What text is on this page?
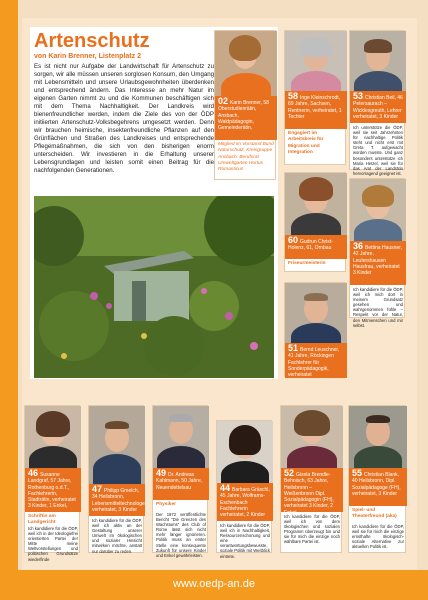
Artenschutz
von Karin Brenner, Listenplatz 2
Es ist nicht nur Aufgabe der Landwirtschaft für Artenschutz zu sorgen, wir alle müssen unseren sorglosen Konsum, den Umgang mit Lebensmitteln und unsere Urlaubsgewohnheiten überdenken und entsprechend ändern. Das Interesse an mehr Natur im eigenen Garten nimmt zu und die Kommunen beschäftigen sich mit dem Thema Nachhaltigkeit. Der Landkreis wird bienenfreundlicher werden, indem die Ziele des von der ÖDP initiierten Artenschutz-Volksbegehrens umgesetzt werden. Denn wir brauchen heimische, insektenfreundliche Pflanzen auf den Grünflächen und Straßen des Landkreises und entsprechende Pflegemaßnahmen, die sich von den bisherigen enorm unterscheiden. Wir investieren in die Erhaltung unserer Lebensgrundlagen und leisten somit einen Beitrag für die nachfolgenden Generationen.
02 Karin Brenner, 58 Oberstudienrätin, Ansbach, Waldpädagogin, Gemeinderätin,
Mitglied im Vorstand Bund Naturschutz, Kreisgruppe Ansbach, Berufsrat Umweltgarten Hortus Romanticus
58 Inge Kleinschrodt, 69 Jahre, Sachsen, Rentnerin, verheiratet, 1 Tochter
Engagiert im Arbeitskreis für Migration und Integration
53 Christian Beil, 46 Petersaurach – Wicklesgreuth, Lehrer verheiratet, 3 Kinder
Ich unterstütze die ÖDP, weil sie seit Jahrzehnten für nachhaltige Politik steht und nicht erst mit Greta T. aufgewacht worden musste. Und ganz besonders unterstütze ich Maria Hetzel, weil sie für das Amt der Landrätin hervorragend geeignet ist.
60 Gudrun Christ-Holenz, 61, Ornbau
Friseurmeisterin
36 Bettina Hausner, 42 Jahre, Leutershausen Hausfrau, verheiratet 3 Kinder
Ich kandidiere für die ÖDP, weil ich mich dort in meinem Grundsatz gesehen und wahrgenommen fühle – Respekt vor der Natur, den Mitmenschen und mir selbst.
51 Bernd Leuschner, 41 Jahre, Röckingen Fachlehrer für Sonderpädagogik, verheiratet
46 Susanne Landgraf, 57 Jahre, Rothenburg o.d.T., Fachlehrerin, Stadträtin, verheiratet 3 Kinder, 1 Enkel,
Schriftin am Landgericht
Ich kandidiere für die ÖDP, weil ich in der Ideologiefrei orientierten Partei der Mitte meine Weltvorstellungen und politischen Grundsätze wiederfinde
47 Philipp Gmelch, 34 Heilsbronn, Lebensmitteltechnologe verheiratet, 3 Kinder
Ich kandidiere für die ÖDP, weil ich aktiv an der Gestaltung unserer Umwelt im ökologischen und sozialer Hinsicht mitwirken möchte, anstatt nur darüber zu reden.
49 Dr. Andreas Kahlmann, 50 Jahre, Neuendettelsau
Physiker
Der 1972 veröffentlichte Bericht "Die Grenzen des Wachstums" des Club of Rome lässt sich nicht mehr länger ignorieren. Politik muss an erster Stelle eine konsequente Zukunft für unsere Kinder und Enkel gewährleisten.
44 Barbara Gräschl, 45 Jahre, Wolframs-Eschenbach Fachlehrerin verheiratet, 2 Kinder
Ich kandidiere für die ÖDP, weil ich in Nachhaltigkeit, Ressourcenschonung und eine verantwortungsbewusste, soziale Politik mit Weitblick eintrete.
52 Gisela Brendle-Behnisch, 63 Jahre, Heilsbronn – Weißenbronn Dipl. Sozialpädagogin (FH), verheiratet 3 Kinder, 2 Enkel
Ich kandidiere für die ÖDP, weil ich von dem ökologischen und sozialen Programm überzeugt bin und sie für mich die einzige noch wählbare Partei ist.
55 Christian Blank, 40 Heilsbronn, Dipl. Sozialpädagoge (FH), verheiratet, 3 Kinder
Spiel- und Theaterfreund (aka)
Ich kandidiere für die ÖDP, weil sie für mich die einzige ernsthafte ökologisch-soziale Alternative zur aktuellen Politik ist.
www.oedp-an.de
